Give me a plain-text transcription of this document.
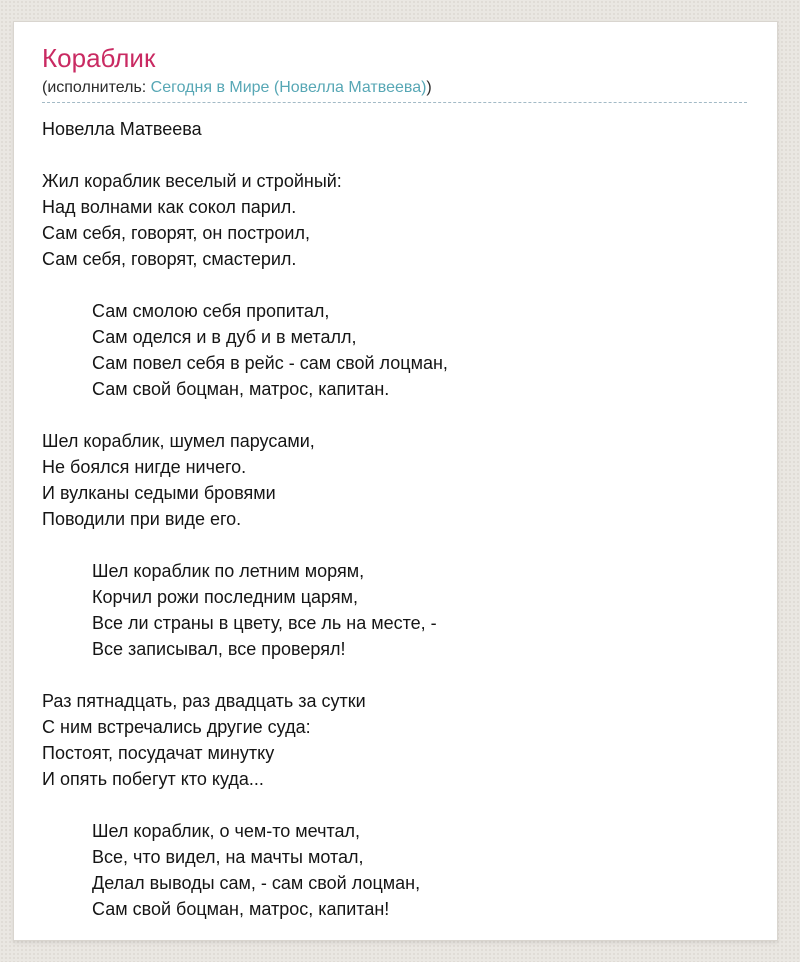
Кораблик
(исполнитель: Сегодня в Мире (Новелла Матвеева))
Новелла Матвеева
Жил кораблик веселый и стройный:
Над волнами как сокол парил.
Сам себя, говорят, он построил,
Сам себя, говорят, смастерил.
Сам смолою себя пропитал,
Сам оделся и в дуб и в металл,
Сам повел себя в рейс - сам свой лоцман,
Сам свой боцман, матрос, капитан.
Шел кораблик, шумел парусами,
Не боялся нигде ничего.
И вулканы седыми бровями
Поводили при виде его.
Шел кораблик по летним морям,
Корчил рожи последним царям,
Все ли страны в цвету, все ль на месте, -
Все записывал, все проверял!
Раз пятнадцать, раз двадцать за сутки
С ним встречались другие суда:
Постоят, посудачат минутку
И опять побегут кто куда...
Шел кораблик, о чем-то мечтал,
Все, что видел, на мачты мотал,
Делал выводы сам, - сам свой лоцман,
Сам свой боцман, матрос, капитан!
